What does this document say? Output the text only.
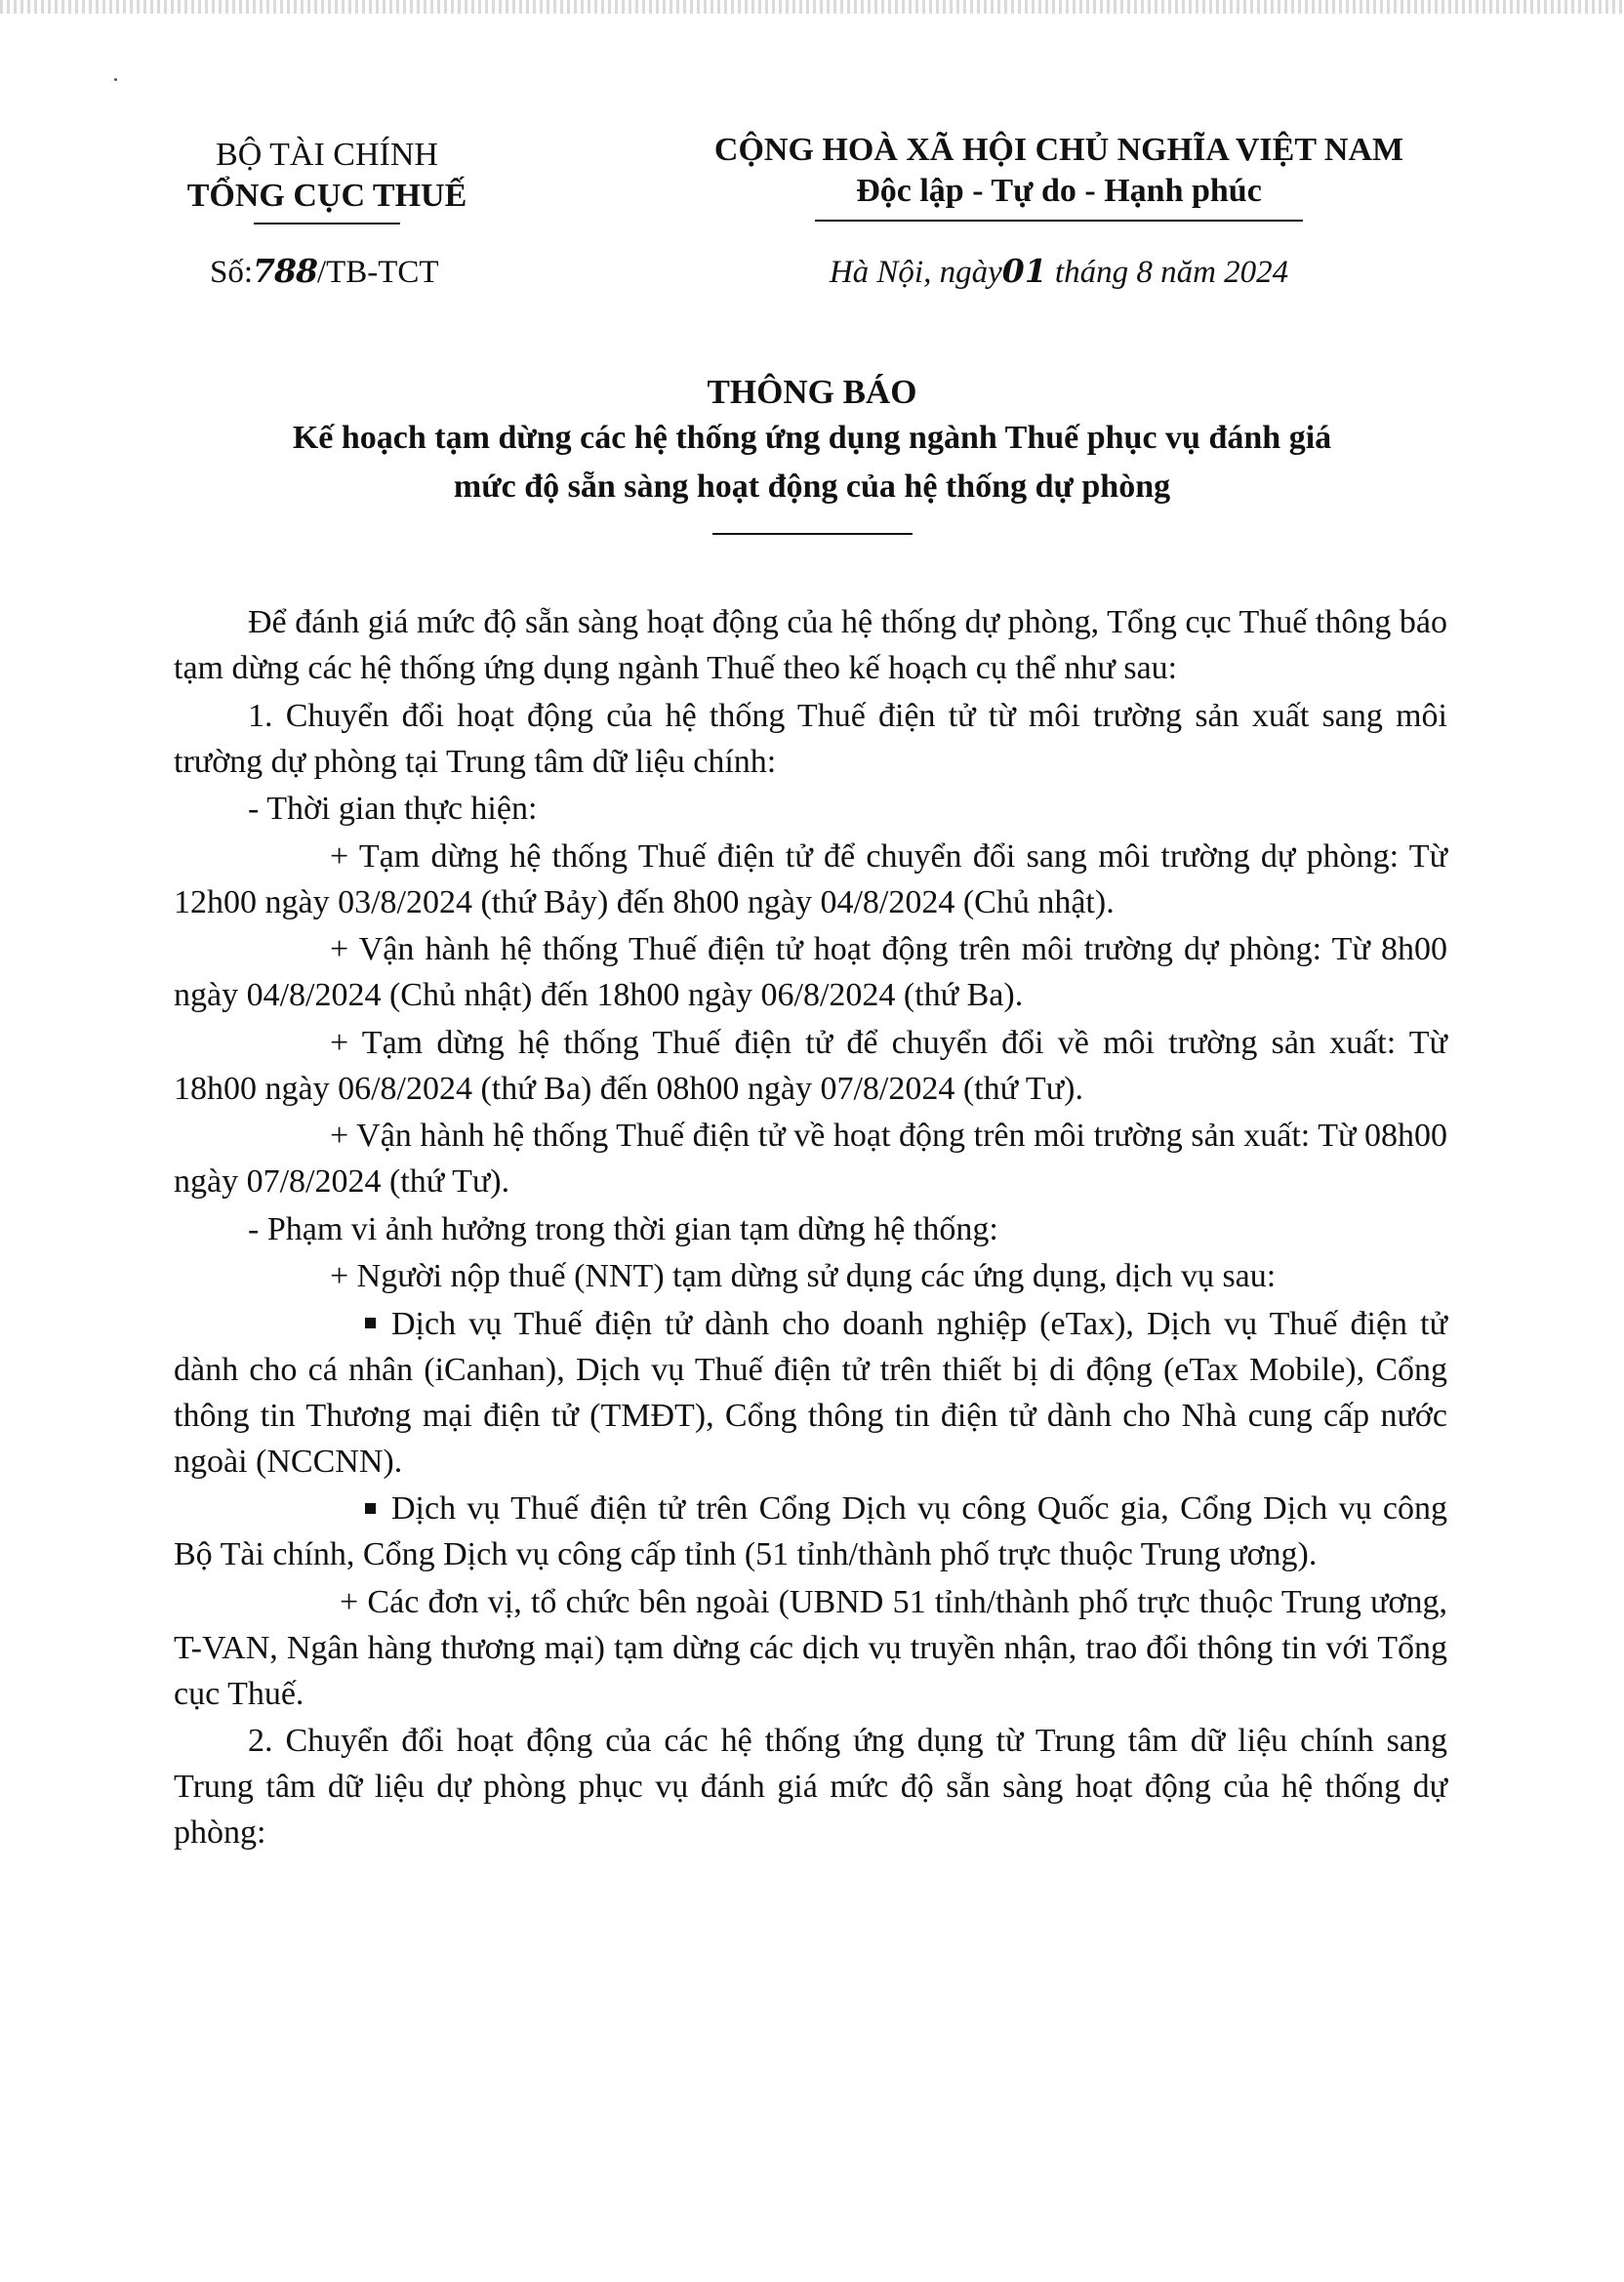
BỘ TÀI CHÍNH
TỔNG CỤC THUẾ
CỘNG HOÀ XÃ HỘI CHỦ NGHĨA VIỆT NAM
Độc lập - Tự do - Hạnh phúc
Số:788/TB-TCT	Hà Nội, ngày01 tháng 8 năm 2024
THÔNG BÁO
Kế hoạch tạm dừng các hệ thống ứng dụng ngành Thuế phục vụ đánh giá
mức độ sẵn sàng hoạt động của hệ thống dự phòng

Để đánh giá mức độ sẵn sàng hoạt động của hệ thống dự phòng, Tổng cục Thuế thông báo tạm dừng các hệ thống ứng dụng ngành Thuế theo kế hoạch cụ thể như sau:

1. Chuyển đổi hoạt động của hệ thống Thuế điện tử từ môi trường sản xuất sang môi trường dự phòng tại Trung tâm dữ liệu chính:

- Thời gian thực hiện:

+ Tạm dừng hệ thống Thuế điện tử để chuyển đổi sang môi trường dự phòng: Từ 12h00 ngày 03/8/2024 (thứ Bảy) đến 8h00 ngày 04/8/2024 (Chủ nhật).

+ Vận hành hệ thống Thuế điện tử hoạt động trên môi trường dự phòng: Từ 8h00 ngày 04/8/2024 (Chủ nhật) đến 18h00 ngày 06/8/2024 (thứ Ba).

+ Tạm dừng hệ thống Thuế điện tử để chuyển đổi về môi trường sản xuất: Từ 18h00 ngày 06/8/2024 (thứ Ba) đến 08h00 ngày 07/8/2024 (thứ Tư).

+ Vận hành hệ thống Thuế điện tử về hoạt động trên môi trường sản xuất: Từ 08h00 ngày 07/8/2024 (thứ Tư).

- Phạm vi ảnh hưởng trong thời gian tạm dừng hệ thống:

+ Người nộp thuế (NNT) tạm dừng sử dụng các ứng dụng, dịch vụ sau:

Dịch vụ Thuế điện tử dành cho doanh nghiệp (eTax), Dịch vụ Thuế điện tử dành cho cá nhân (iCanhan), Dịch vụ Thuế điện tử trên thiết bị di động (eTax Mobile), Cổng thông tin Thương mại điện tử (TMĐT), Cổng thông tin điện tử dành cho Nhà cung cấp nước ngoài (NCCNN).

Dịch vụ Thuế điện tử trên Cổng Dịch vụ công Quốc gia, Cổng Dịch vụ công Bộ Tài chính, Cổng Dịch vụ công cấp tỉnh (51 tỉnh/thành phố trực thuộc Trung ương).

+ Các đơn vị, tổ chức bên ngoài (UBND 51 tỉnh/thành phố trực thuộc Trung ương, T-VAN, Ngân hàng thương mại) tạm dừng các dịch vụ truyền nhận, trao đổi thông tin với Tổng cục Thuế.

2. Chuyển đổi hoạt động của các hệ thống ứng dụng từ Trung tâm dữ liệu chính sang Trung tâm dữ liệu dự phòng phục vụ đánh giá mức độ sẵn sàng hoạt động của hệ thống dự phòng:
